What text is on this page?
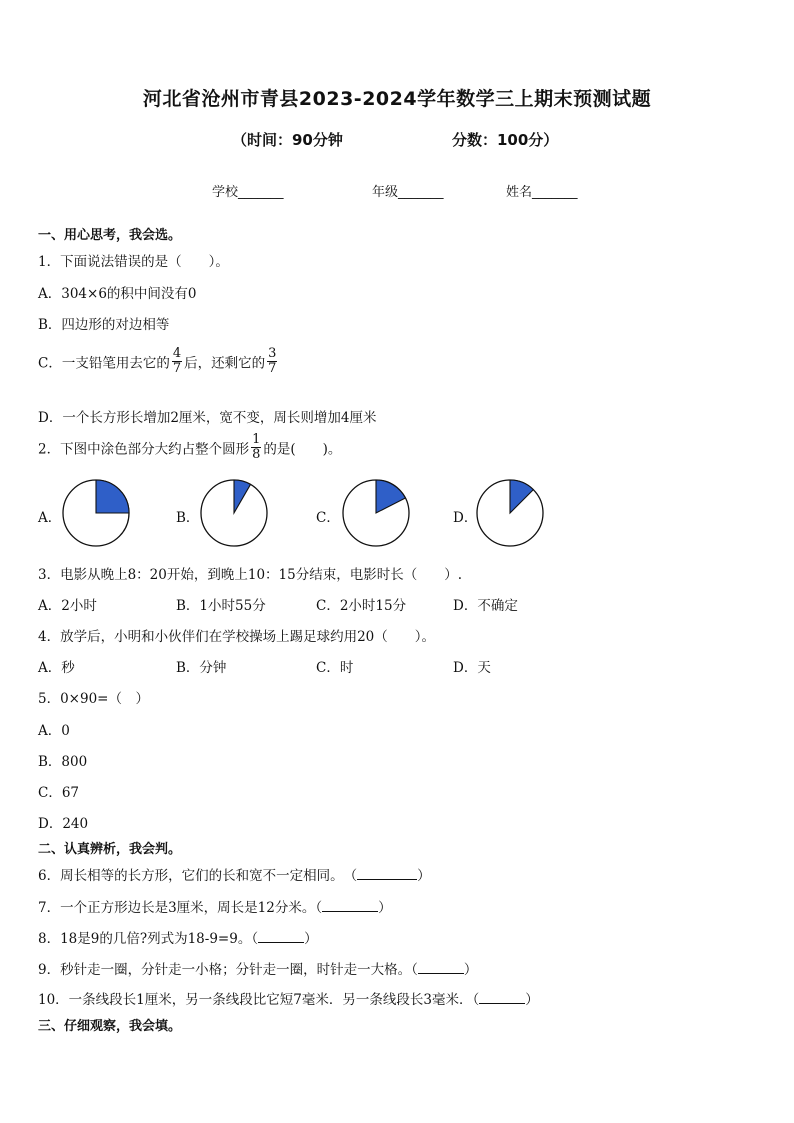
河北省沧州市青县2023-2024学年数学三上期末预测试题
（时间：90分钟	分数：100分）
学校_______	年级_______	姓名_______
一、用心思考，我会选。
1．下面说法错误的是（　　）。
A．304×6的积中间没有0
B．四边形的对边相等
C．一支铅笔用去它的 $\frac{4}{7}$ 后，还剩它的 $\frac{3}{7}$
D．一个长方形长增加2厘米，宽不变，周长则增加4厘米
2．下图中涂色部分大约占整个圆形 $\frac{1}{8}$ 的是(　　)。
A．	B．	C．	D．
3．电影从晚上8：20开始，到晚上10：15分结束，电影时长（　　）.
A．2小时	B．1小时55分	C．2小时15分	D．不确定
4．放学后，小明和小伙伴们在学校操场上踢足球约用20（　　）。
A．秒	B．分钟	C．时	D．天
5．0×90=（　）
A．0
B．800
C．67
D．240
二、认真辨析，我会判。
6．周长相等的长方形，它们的长和宽不一定相同。　（	）
7．一个正方形边长是3厘米，周长是12分米。（	）
8．18是9的几倍?列式为18-9=9。（	）
9．秒针走一圈，分针走一小格；分针走一圈，时针走一大格。（	）
10．一条线段长1厘米，另一条线段比它短7毫米．另一条线段长3毫米．（	）
三、仔细观察，我会填。
